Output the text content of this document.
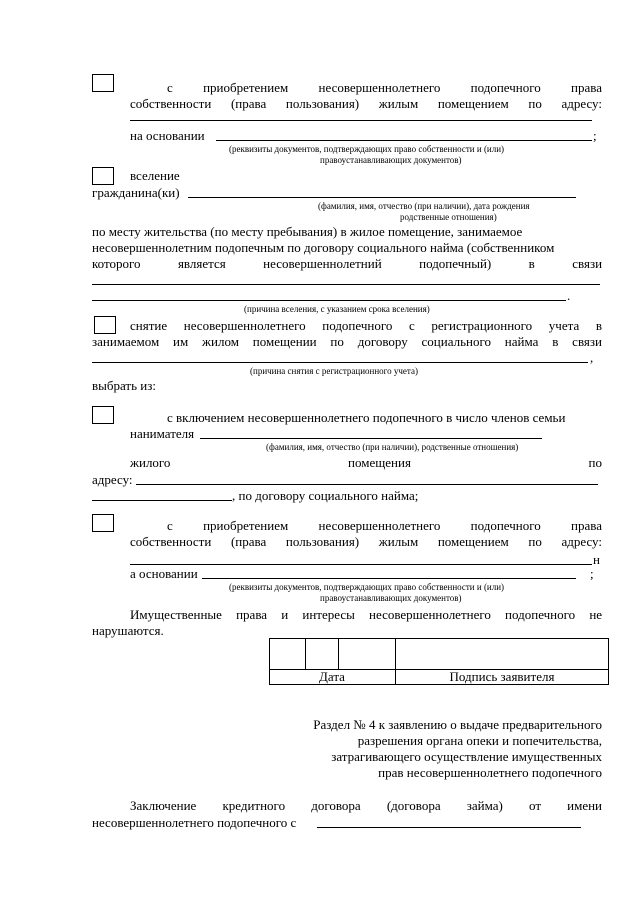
с приобретением несовершеннолетнего подопечного права
собственности (права пользования) жилым помещением по адресу:
на основании	;
(реквизиты документов, подтверждающих право собственности и (или)
правоустанавливающих документов)
вселение
гражданина(ки)
(фамилия, имя, отчество (при наличии), дата рождения
родственные отношения)
по месту жительства (по месту пребывания) в жилое помещение, занимаемое
несовершеннолетним подопечным по договору социального найма (собственником
которого	является	несовершеннолетний	подопечный)	в	связи
.
(причина вселения, с указанием срока вселения)
снятие несовершеннолетнего подопечного с регистрационного учета в
занимаемом им жилом помещении по договору социального найма в связи
,
(причина снятия с регистрационного учета)
выбрать из:
с включением несовершеннолетнего подопечного в число членов семьи
нанимателя
(фамилия, имя, отчество (при наличии), родственные отношения)
жилого	помещения	по
адресу:
, по договору социального найма;
с приобретением несовершеннолетнего подопечного права
собственности (права пользования) жилым помещением по адресу:
н
а основании	;
(реквизиты документов, подтверждающих право собственности и (или)
правоустанавливающих документов)
Имущественные права и интересы несовершеннолетнего подопечного не
нарушаются.
Дата	Подпись заявителя
Раздел № 4 к заявлению о выдаче предварительного
разрешения органа опеки и попечительства,
затрагивающего осуществление имущественных
прав несовершеннолетнего подопечного
Заключение кредитного договора (договора займа) от имени
несовершеннолетнего подопечного с
